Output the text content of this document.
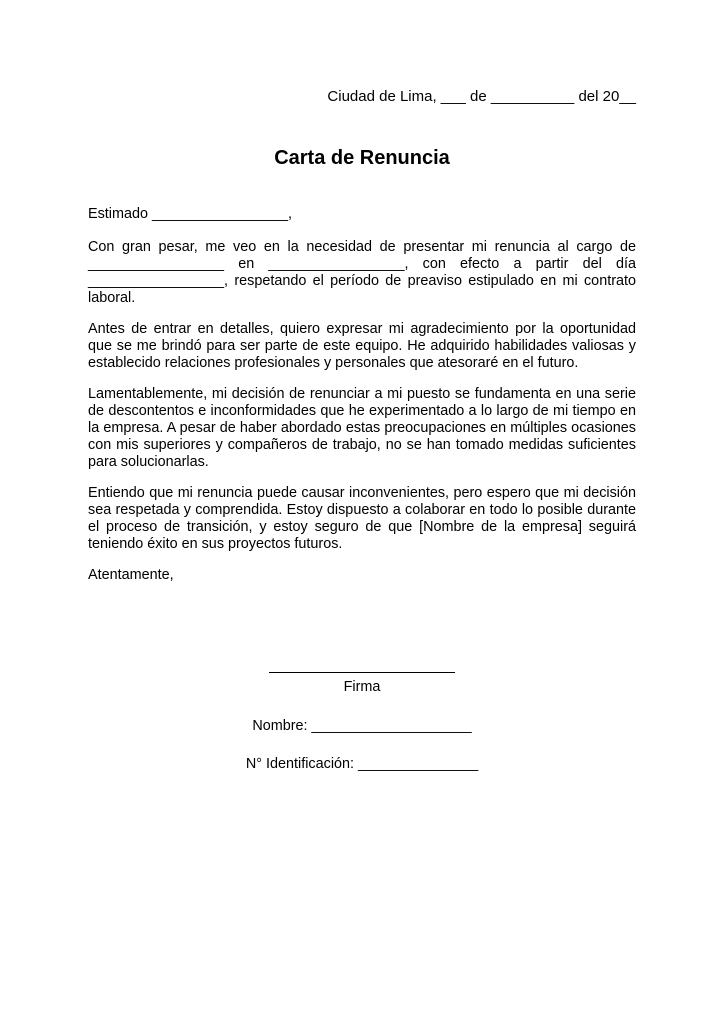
Ciudad de Lima, ___ de __________ del 20__
Carta de Renuncia

Estimado _________________,

Con gran pesar, me veo en la necesidad de presentar mi renuncia al cargo de _________________ en _________________, con efecto a partir del día _________________, respetando el período de preaviso estipulado en mi contrato laboral.

Antes de entrar en detalles, quiero expresar mi agradecimiento por la oportunidad que se me brindó para ser parte de este equipo. He adquirido habilidades valiosas y establecido relaciones profesionales y personales que atesoraré en el futuro.

Lamentablemente, mi decisión de renunciar a mi puesto se fundamenta en una serie de descontentos e inconformidades que he experimentado a lo largo de mi tiempo en la empresa. A pesar de haber abordado estas preocupaciones en múltiples ocasiones con mis superiores y compañeros de trabajo, no se han tomado medidas suficientes para solucionarlas.

Entiendo que mi renuncia puede causar inconvenientes, pero espero que mi decisión sea respetada y comprendida. Estoy dispuesto a colaborar en todo lo posible durante el proceso de transición, y estoy seguro de que [Nombre de la empresa] seguirá teniendo éxito en sus proyectos futuros.

Atentamente,

Firma
Nombre: ____________________
N° Identificación: _______________
